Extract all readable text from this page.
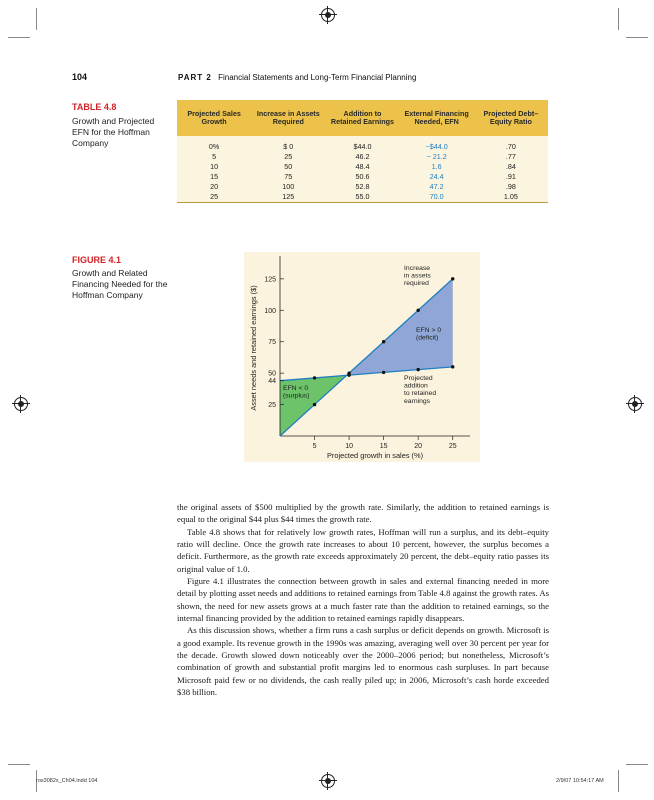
104	PART 2 Financial Statements and Long-Term Financial Planning
TABLE 4.8
Growth and Projected EFN for the Hoffman Company
Projected Sales Growth	Increase in Assets Required	Addition to Retained Earnings	External Financing Needed, EFN	Projected Debt–Equity Ratio
0%	$ 0	$44.0	−$44.0	.70
5	25	46.2	− 21.2	.77
10	50	48.4	1.6	.84
15	75	50.6	24.4	.91
20	100	52.8	47.2	.98
25	125	55.0	70.0	1.05
FIGURE 4.1
Growth and Related Financing Needed for the Hoffman Company
5	10	15	20	25
25
44
50
75
100
125
Increase in assets required
EFN > 0 (deficit)
EFN < 0 (surplus)
Projected addition to retained earnings
Projected growth in sales (%)
Asset needs and retained earnings ($)

the original assets of $500 multiplied by the growth rate. Similarly, the addition to retained earnings is equal to the original $44 plus $44 times the growth rate.

Table 4.8 shows that for relatively low growth rates, Hoffman will run a surplus, and its debt–equity ratio will decline. Once the growth rate increases to about 10 percent, however, the surplus becomes a deficit. Furthermore, as the growth rate exceeds approximately 20 percent, the debt–equity ratio passes its original value of 1.0.

Figure 4.1 illustrates the connection between growth in sales and external financing needed in more detail by plotting asset needs and additions to retained earnings from Table 4.8 against the growth rates. As shown, the need for new assets grows at a much faster rate than the addition to retained earnings, so the internal financing provided by the addition to retained earnings rapidly disappears.

As this discussion shows, whether a firm runs a cash surplus or deficit depends on growth. Microsoft is a good example. Its revenue growth in the 1990s was amazing, averaging well over 30 percent per year for the decade. Growth slowed down noticeably over the 2000–2006 period; but nonetheless, Microsoft’s combination of growth and substantial profit margins led to enormous cash surpluses. In part because Microsoft paid few or no dividends, the cash really piled up; in 2006, Microsoft’s cash horde exceeded $38 billion.

ros3082x_Ch04.indd 104	2/9/07 10:54:17 AM
